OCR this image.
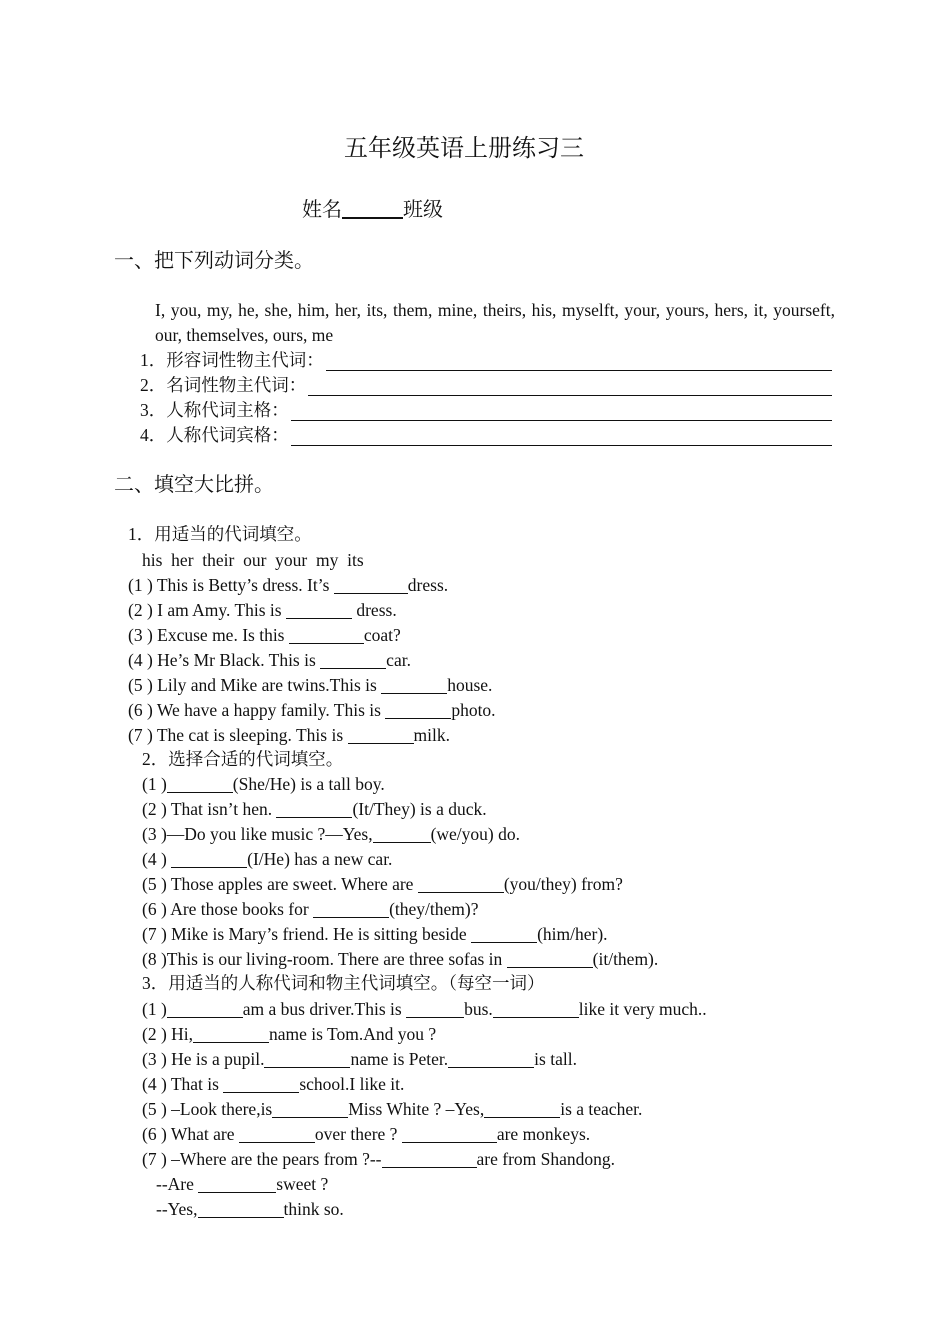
五年级英语上册练习三
姓名	班级
一、把下列动词分类。
I, you, my, he, she, him, her, its, them, mine, theirs, his, myselft, your, yours, hers, it, yourseft, our, themselves, ours, me
1．形容词性物主代词：
2．名词性物主代词：
3．人称代词主格：
4．人称代词宾格：
二、填空大比拼。
1．用适当的代词填空。
his  her  their  our  your  my  its
(1 ) This is Betty’s dress. It’s	dress.
(2 ) I am Amy. This is	dress.
(3 ) Excuse me. Is this	coat?
(4 ) He’s Mr Black. This is	car.
(5 ) Lily and Mike are twins.This is	house.
(6 ) We have a happy family. This is	photo.
(7 ) The cat is sleeping. This is	milk.
2．选择合适的代词填空。
(1 )	(She/He) is a tall boy.
(2 ) That isn’t hen.	(It/They) is a duck.
(3 )—Do you like music ?—Yes,	(we/you) do.
(4 )	(I/He) has a new car.
(5 ) Those apples are sweet. Where are	(you/they) from?
(6 ) Are those books for	(they/them)?
(7 ) Mike is Mary’s friend. He is sitting beside	(him/her).
(8 )This is our living-room. There are three sofas in	(it/them).
3．用适当的人称代词和物主代词填空。（每空一词）
(1 )	am a bus driver.This is	bus.	like it very much..
(2 ) Hi,	name is Tom.And you ?
(3 ) He is a pupil.	name is Peter.	is tall.
(4 ) That is	school.I like it.
(5 ) –Look there,is	Miss White ? –Yes,	is a teacher.
(6 ) What are	over there ?	are monkeys.
(7 ) –Where are the pears from ?--	are from Shandong.
--Are	sweet ?
--Yes,	think so.
